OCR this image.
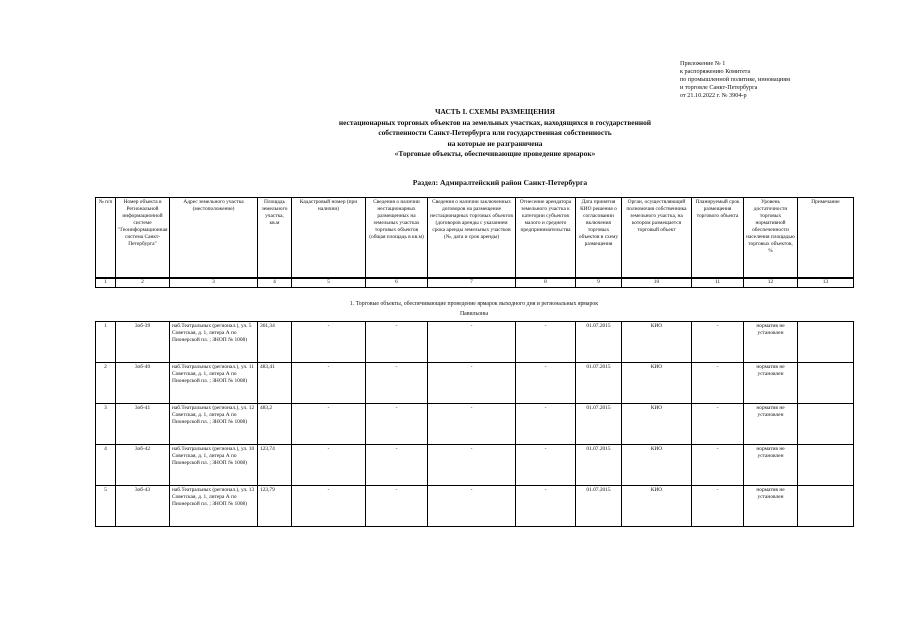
Приложение № 1
к распоряжению Комитета
по промышленной политике, инновациям
и торговле Санкт-Петербурга
от 21.10.2022 г. № 3904-р
ЧАСТЬ I. СХЕМЫ РАЗМЕЩЕНИЯ
нестационарных торговых объектов на земельных участках, находящихся в государственной
собственности Санкт-Петербурга или государственная собственность
на которые не разграничена
«Торговые объекты, обеспечивающие проведение ярмарок»
Раздел: Адмиралтейский район Санкт-Петербурга
№ п/п	Номер объекта в Региональной информационной системе "Геоинформационная система Санкт-Петербурга"	Адрес земельного участка (местоположение)	Площадь земельного участка, кв.м	Кадастровый номер (при наличии)	Сведения о наличии нестационарных размещенных на земельных участках торговых объектов (общая площадь в кв.м)	Сведения о наличии заключенных договоров на размещение нестационарных торговых объектов (договоров аренды с указанием срока аренды земельных участков (№, дата и срок аренды)	Отнесение арендатора земельного участка к категории субъектов малого и среднего предпринимательства	Дата принятия КИО решения о согласовании включения торговых объектов в схему размещения	Орган, осуществляющий полномочия собственника земельного участка, на котором размещается торговый объект	Планируемый срок размещения торгового объекта	Уровень достаточности торговых нормативной обеспеченности населения площадью торговых объектов, %	Примечание
1	2	3	4	5	6	7	8	9	10	11	12	13
1. Торговые объекты, обеспечивающие проведение ярмарок выходного дня и региональных ярмарок
Павильоны
1	3об-39	наб.Театральных (регионал.), ул. 5 Советская, д. 1, литера А по Пионерской пл. ; ЗНОП № 1008)	361,34	-	-	-	-	01.07.2015	КИО	-	норматив не установлен	
2	3об-40	наб.Театральных (регионал.), ул. 11 Советская, д. 1, литера А по Пионерской пл. ; ЗНОП № 1008)	483,41	-	-	-	-	01.07.2015	КИО	-	норматив не установлен	
3	3об-41	наб.Театральных (регионал.), ул. 12 Советская, д. 1, литера А по Пионерской пл. ; ЗНОП № 1008)	483,2	-	-	-	-	01.07.2015	КИО	-	норматив не установлен	
4	3об-42	наб.Театральных (регионал.), ул. 10 Советская, д. 1, литера А по Пионерской пл. ; ЗНОП № 1008)	123,74	-	-	-	-	01.07.2015	КИО	-	норматив не установлен	
5	3об-43	наб.Театральных (регионал.), ул. 13 Советская, д. 1, литера А по Пионерской пл. ; ЗНОП № 1008)	123,79	-	-	-	-	01.07.2015	КИО	-	норматив не установлен	
